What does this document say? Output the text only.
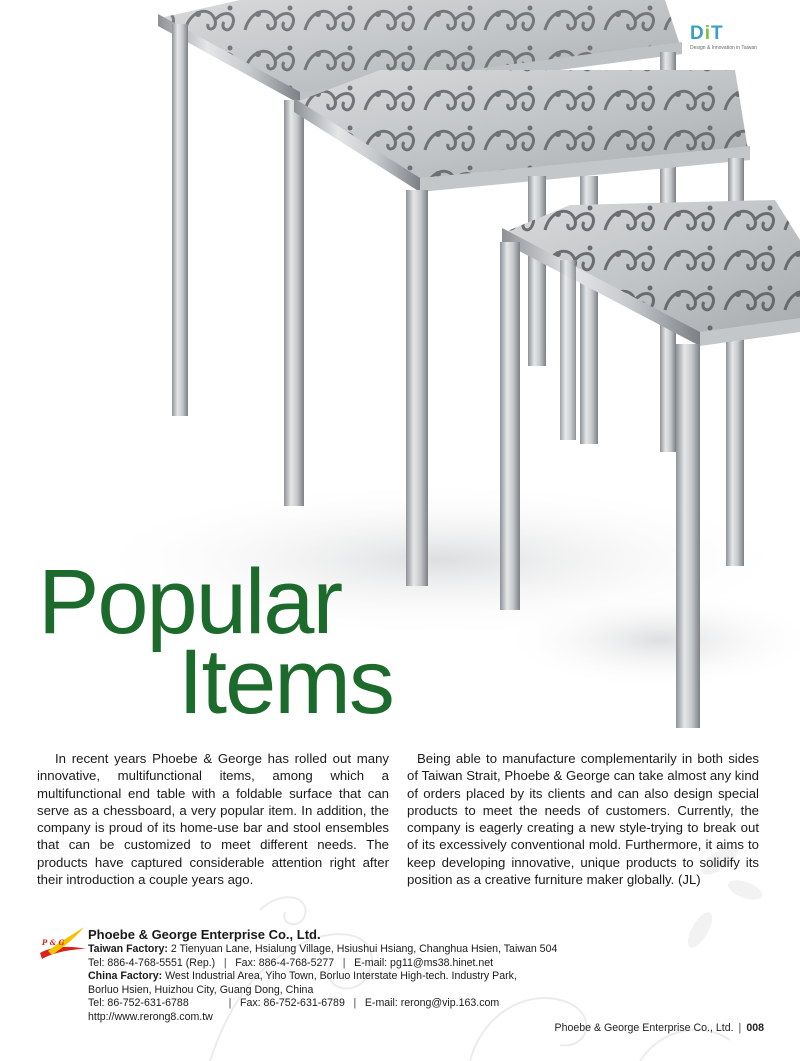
DiT
Design & Innovation in Taiwan
Popular
Items

In recent years Phoebe & George has rolled out many innovative, multifunctional items, among which a multifunctional end table with a foldable surface that can serve as a chessboard, a very popular item. In addition, the company is proud of its home-use bar and stool ensembles that can be customized to meet different needs. The products have captured considerable attention right after their introduction a couple years ago.

Being able to manufacture complementarily in both sides of Taiwan Strait, Phoebe & George can take almost any kind of orders placed by its clients and can also design special products to meet the needs of customers. Currently, the company is eagerly creating a new style-trying to break out of its excessively conventional mold. Furthermore, it aims to keep developing innovative, unique products to solidify its position as a creative furniture maker globally. (JL)

P & G
Phoebe & George Enterprise Co., Ltd.
Taiwan Factory: 2 Tienyuan Lane, Hsialung Village, Hsiushui Hsiang, Changhua Hsien, Taiwan 504
Tel: 886-4-768-5551 (Rep.) | Fax: 886-4-768-5277 | E-mail: pg11@ms38.hinet.net
China Factory: West Industrial Area, Yiho Town, Borluo Interstate High-tech. Industry Park,
Borluo Hsien, Huizhou City, Guang Dong, China
Tel: 86-752-631-6788	| Fax: 86-752-631-6789 | E-mail: rerong@vip.163.com
http://www.rerong8.com.tw
Phoebe & George Enterprise Co., Ltd. | 008
